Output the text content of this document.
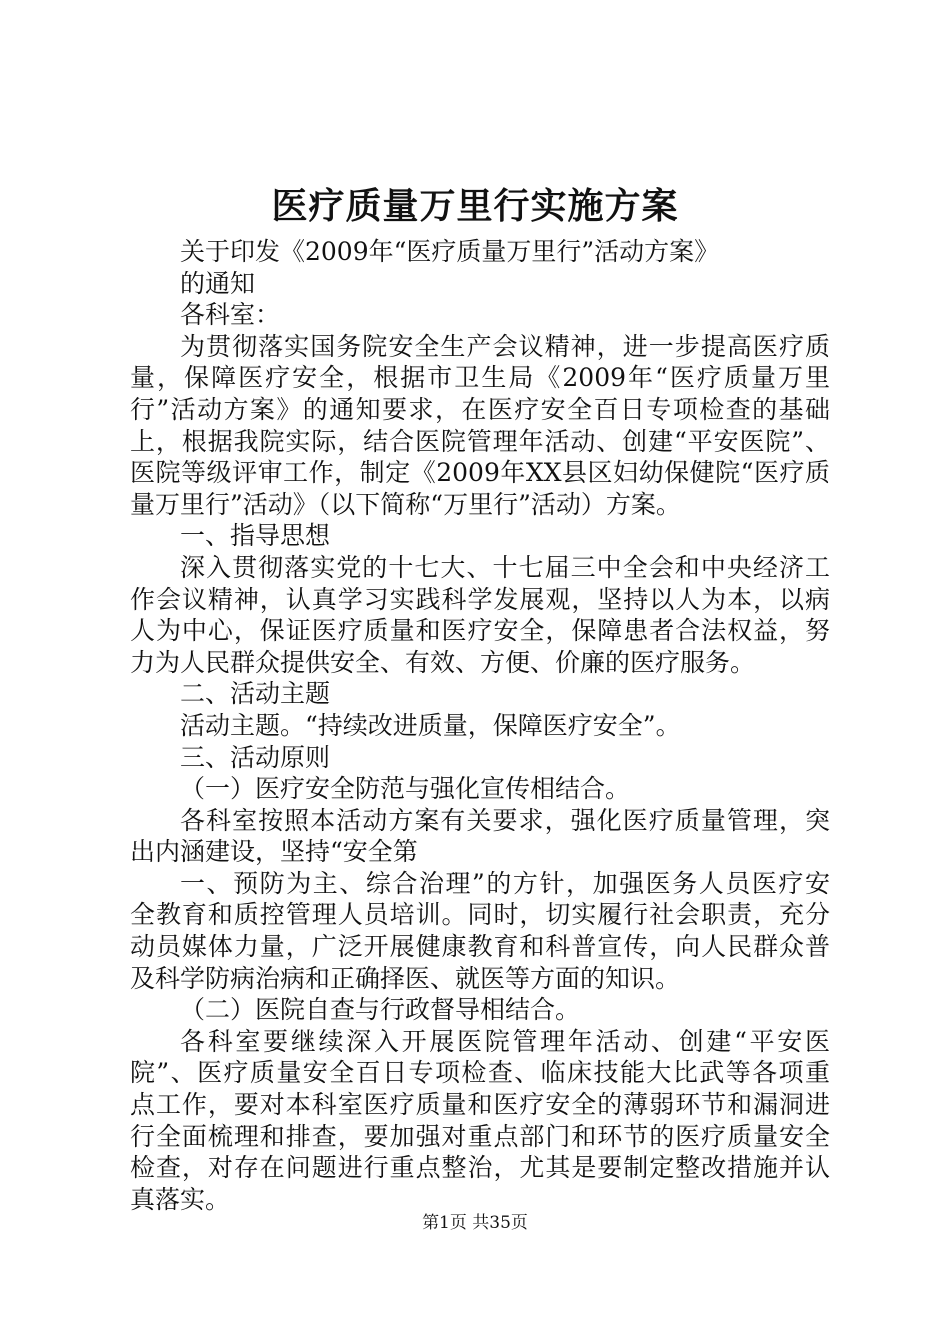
医疗质量万里行实施方案
关于印发《2009年“医疗质量万里行”活动方案》
的通知
各科室：
为贯彻落实国务院安全生产会议精神，进一步提高医疗质
量，保障医疗安全，根据市卫生局《2009年“医疗质量万里
行”活动方案》的通知要求，在医疗安全百日专项检查的基础
上，根据我院实际，结合医院管理年活动、创建“平安医院”、
医院等级评审工作，制定《2009年XX县区妇幼保健院“医疗质
量万里行”活动》（以下简称“万里行”活动）方案。
一、指导思想
深入贯彻落实党的十七大、十七届三中全会和中央经济工
作会议精神，认真学习实践科学发展观，坚持以人为本，以病
人为中心，保证医疗质量和医疗安全，保障患者合法权益，努
力为人民群众提供安全、有效、方便、价廉的医疗服务。
二、活动主题
活动主题。“持续改进质量，保障医疗安全”。
三、活动原则
（一）医疗安全防范与强化宣传相结合。
各科室按照本活动方案有关要求，强化医疗质量管理，突
出内涵建设，坚持“安全第
一、预防为主、综合治理”的方针，加强医务人员医疗安
全教育和质控管理人员培训。同时，切实履行社会职责，充分
动员媒体力量，广泛开展健康教育和科普宣传，向人民群众普
及科学防病治病和正确择医、就医等方面的知识。
（二）医院自查与行政督导相结合。
各科室要继续深入开展医院管理年活动、创建“平安医
院”、医疗质量安全百日专项检查、临床技能大比武等各项重
点工作，要对本科室医疗质量和医疗安全的薄弱环节和漏洞进
行全面梳理和排查，要加强对重点部门和环节的医疗质量安全
检查，对存在问题进行重点整治，尤其是要制定整改措施并认
真落实。
第1页 共35页
